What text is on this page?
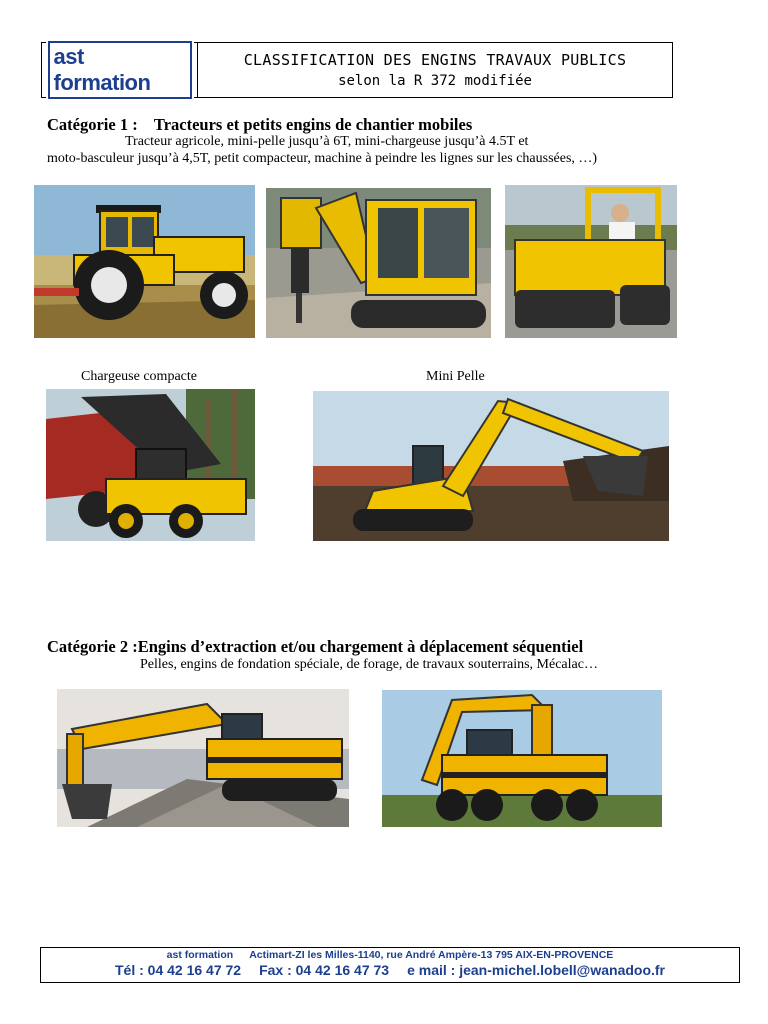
ast formation
CLASSIFICATION DES ENGINS TRAVAUX PUBLICS
selon la R 372 modifiée
Catégorie 1 :    Tracteurs et petits engins de chantier mobiles
Tracteur agricole, mini-pelle jusqu’à 6T, mini-chargeuse jusqu’à 4.5T et
moto-basculeur jusqu’à 4,5T, petit compacteur, machine à peindre les lignes sur les chaussées, …)
Chargeuse compacte	Mini Pelle
Catégorie 2 :Engins d’extraction et/ou chargement à déplacement séquentiel
Pelles, engins de fondation spéciale, de forage, de travaux souterrains, Mécalac…
ast formation Actimart-ZI les Milles-1140, rue André Ampère-13 795 AIX-EN-PROVENCE
Tél : 04 42 16 47 72 Fax : 04 42 16 47 73 e mail : jean-michel.lobell@wanadoo.fr
